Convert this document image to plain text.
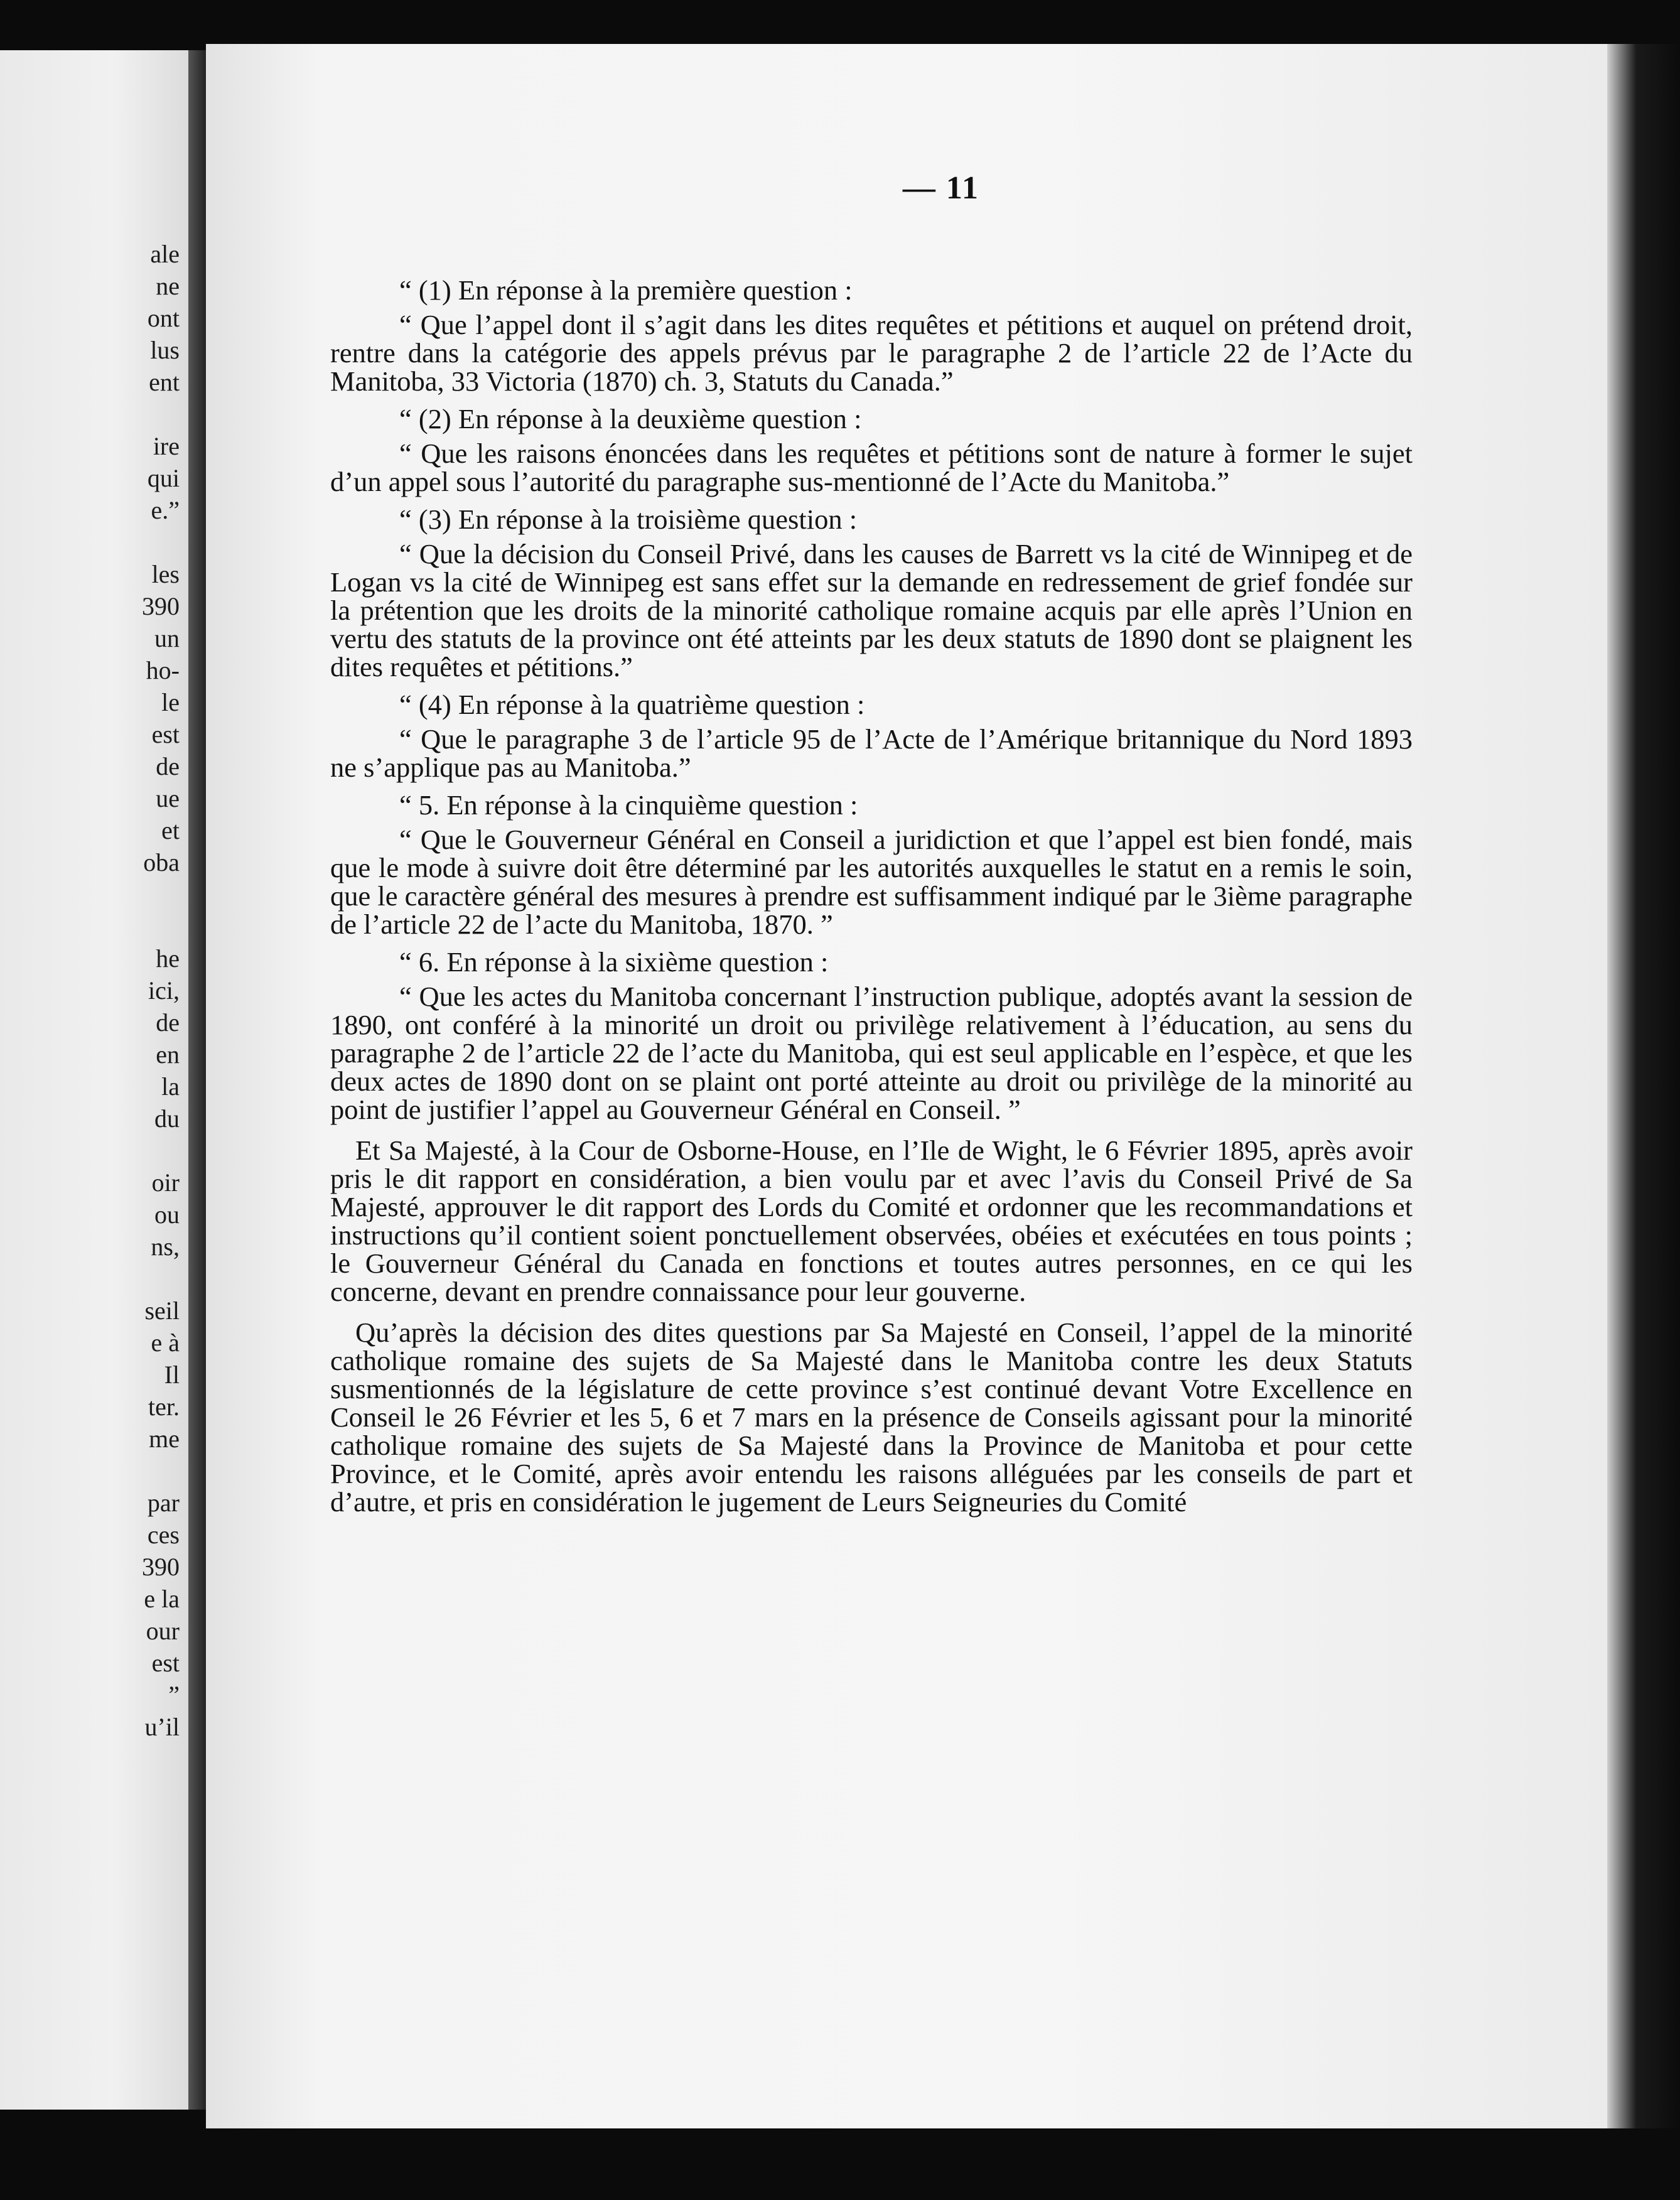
ale
ne
ont
lus
ent
ire
qui
e.”
les
390
un
ho-
le
est
de
ue
et
oba
he
ici,
de
en
la
du
oir
ou
ns,
seil
e à
Il
ter.
me
par
ces
390
e la
our
est
”
u’il
— 11

“ (1) En réponse à la première question :

“ Que l’appel dont il s’agit dans les dites requêtes et pétitions et auquel on prétend droit, rentre dans la catégorie des appels prévus par le paragraphe 2 de l’article 22 de l’Acte du Manitoba, 33 Victoria (1870) ch. 3, Statuts du Canada.”

“ (2) En réponse à la deuxième question :

“ Que les raisons énoncées dans les requêtes et pétitions sont de nature à former le sujet d’un appel sous l’autorité du paragraphe sus-mentionné de l’Acte du Manitoba.”

“ (3) En réponse à la troisième question :

“ Que la décision du Conseil Privé, dans les causes de Barrett vs la cité de Winnipeg et de Logan vs la cité de Winnipeg est sans effet sur la demande en redressement de grief fondée sur la prétention que les droits de la minorité catholique romaine acquis par elle après l’Union en vertu des statuts de la province ont été atteints par les deux statuts de 1890 dont se plaignent les dites requêtes et pétitions.”

“ (4) En réponse à la quatrième question :

“ Que le paragraphe 3 de l’article 95 de l’Acte de l’Amérique britannique du Nord 1893 ne s’applique pas au Manitoba.”

“ 5. En réponse à la cinquième question :

“ Que le Gouverneur Général en Conseil a juridiction et que l’appel est bien fondé, mais que le mode à suivre doit être déterminé par les autorités auxquelles le statut en a remis le soin, que le caractère général des mesures à prendre est suffisamment indiqué par le 3ième paragraphe de l’article 22 de l’acte du Manitoba, 1870. ”

“ 6. En réponse à la sixième question :

“ Que les actes du Manitoba concernant l’instruction publique, adoptés avant la session de 1890, ont conféré à la minorité un droit ou privilège relativement à l’éducation, au sens du paragraphe 2 de l’article 22 de l’acte du Manitoba, qui est seul applicable en l’espèce, et que les deux actes de 1890 dont on se plaint ont porté atteinte au droit ou privilège de la minorité au point de justifier l’appel au Gouverneur Général en Conseil. ”

Et Sa Majesté, à la Cour de Osborne-House, en l’Ile de Wight, le 6 Février 1895, après avoir pris le dit rapport en considération, a bien voulu par et avec l’avis du Conseil Privé de Sa Majesté, approuver le dit rapport des Lords du Comité et ordonner que les recommandations et instructions qu’il contient soient ponctuellement observées, obéies et exécutées en tous points ; le Gouverneur Général du Canada en fonctions et toutes autres personnes, en ce qui les concerne, devant en prendre connaissance pour leur gouverne.

Qu’après la décision des dites questions par Sa Majesté en Conseil, l’appel de la minorité catholique romaine des sujets de Sa Majesté dans le Manitoba contre les deux Statuts susmentionnés de la législature de cette province s’est continué devant Votre Excellence en Conseil le 26 Février et les 5, 6 et 7 mars en la présence de Conseils agissant pour la minorité catholique romaine des sujets de Sa Majesté dans la Province de Manitoba et pour cette Province, et le Comité, après avoir entendu les raisons alléguées par les conseils de part et d’autre, et pris en considération le jugement de Leurs Seigneuries du Comité
